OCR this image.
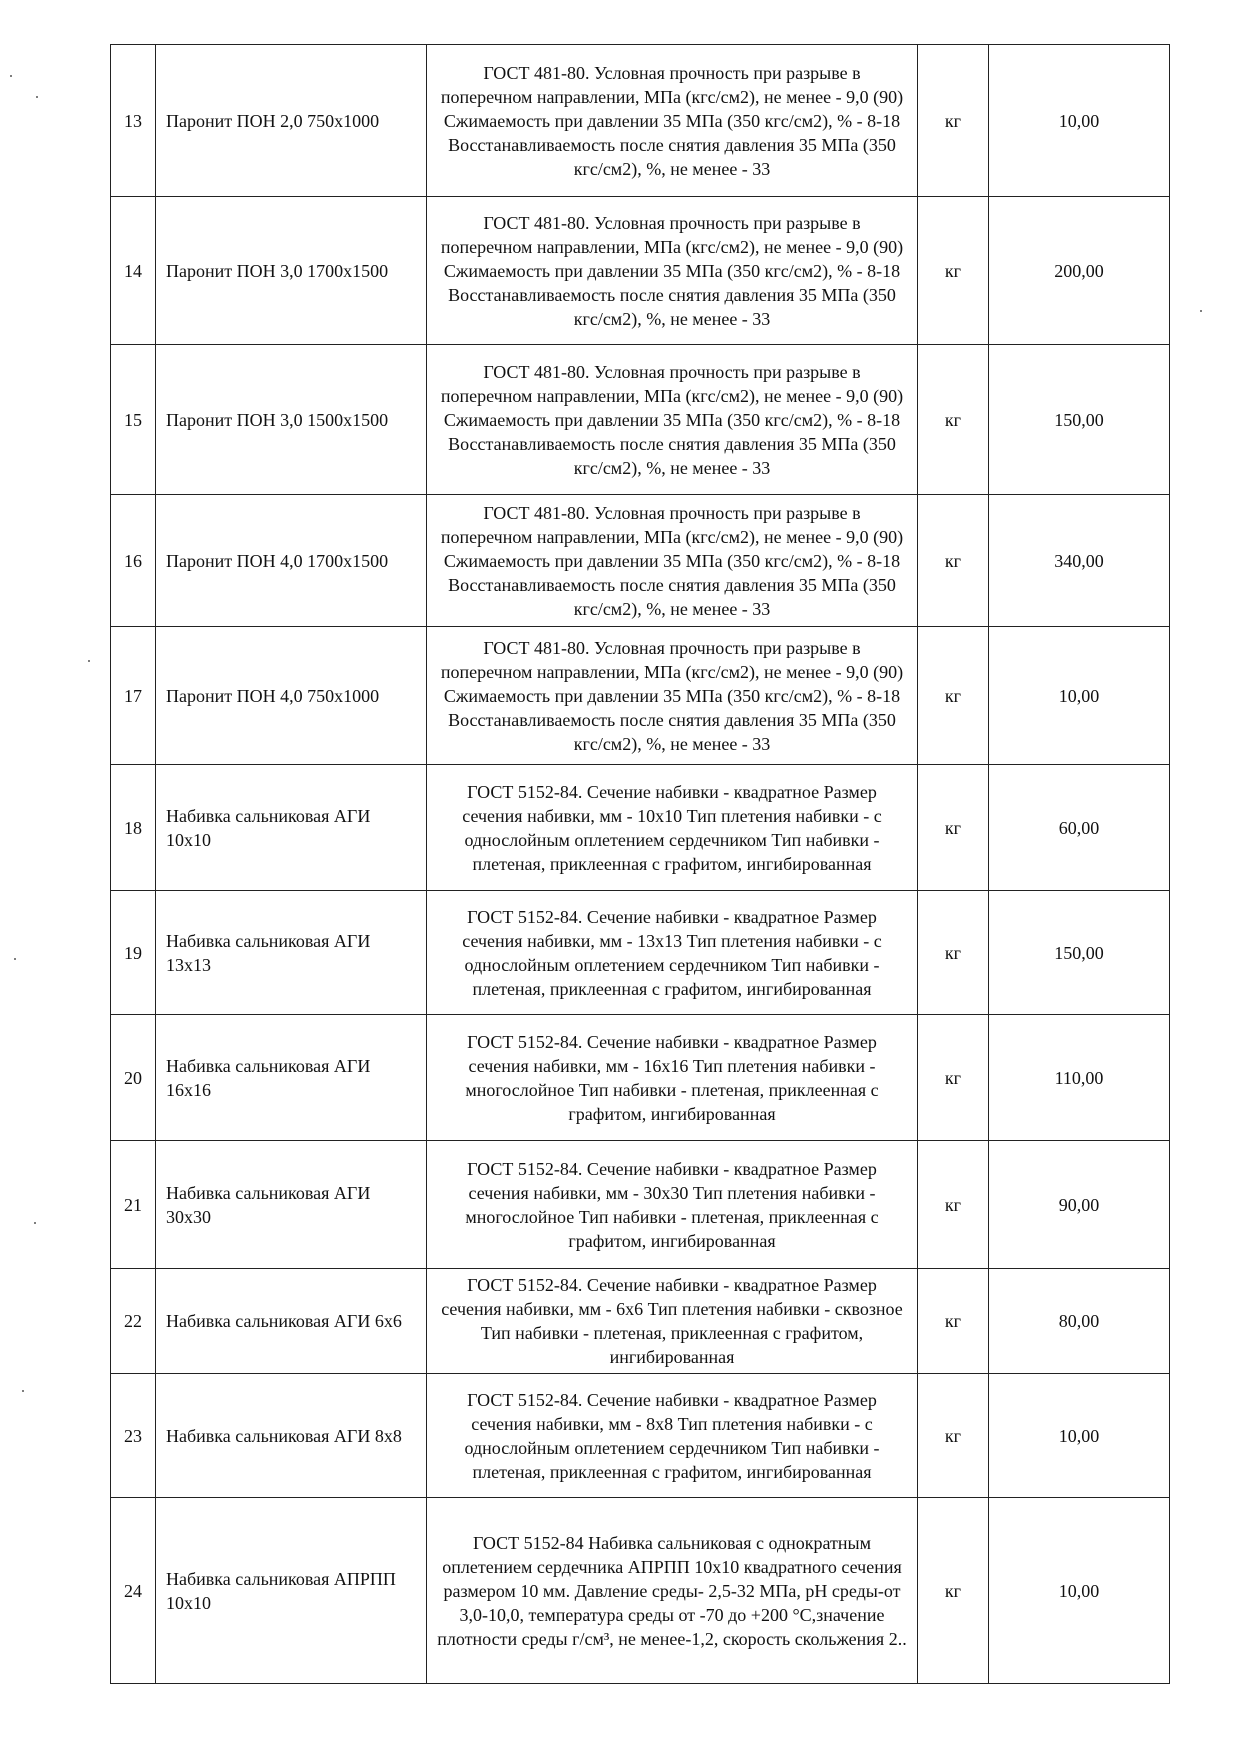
13	Паронит ПОН 2,0 750х1000	ГОСТ 481-80. Условная прочность при разрыве в поперечном направлении, МПа (кгс/см2), не менее - 9,0 (90) Сжимаемость при давлении 35 МПа (350 кгс/см2), % - 8-18 Восстанавливаемость после снятия давления 35 МПа (350 кгс/см2), %, не менее - 33	кг	10,00
14	Паронит ПОН 3,0 1700х1500	ГОСТ 481-80. Условная прочность при разрыве в поперечном направлении, МПа (кгс/см2), не менее - 9,0 (90) Сжимаемость при давлении 35 МПа (350 кгс/см2), % - 8-18 Восстанавливаемость после снятия давления 35 МПа (350 кгс/см2), %, не менее - 33	кг	200,00
15	Паронит ПОН 3,0 1500х1500	ГОСТ 481-80. Условная прочность при разрыве в поперечном направлении, МПа (кгс/см2), не менее - 9,0 (90) Сжимаемость при давлении 35 МПа (350 кгс/см2), % - 8-18 Восстанавливаемость после снятия давления 35 МПа (350 кгс/см2), %, не менее - 33	кг	150,00
16	Паронит ПОН 4,0 1700х1500	ГОСТ 481-80. Условная прочность при разрыве в поперечном направлении, МПа (кгс/см2), не менее - 9,0 (90) Сжимаемость при давлении 35 МПа (350 кгс/см2), % - 8-18 Восстанавливаемость после снятия давления 35 МПа (350 кгс/см2), %, не менее - 33	кг	340,00
17	Паронит ПОН 4,0 750х1000	ГОСТ 481-80. Условная прочность при разрыве в поперечном направлении, МПа (кгс/см2), не менее - 9,0 (90) Сжимаемость при давлении 35 МПа (350 кгс/см2), % - 8-18 Восстанавливаемость после снятия давления 35 МПа (350 кгс/см2), %, не менее - 33	кг	10,00
18	Набивка сальниковая АГИ 10х10	ГОСТ 5152-84. Сечение набивки - квадратное Размер сечения набивки, мм - 10х10 Тип плетения набивки - с однослойным оплетением сердечником Тип набивки - плетеная, приклеенная с графитом, ингибированная	кг	60,00
19	Набивка сальниковая АГИ 13х13	ГОСТ 5152-84. Сечение набивки - квадратное Размер сечения набивки, мм - 13х13 Тип плетения набивки - с однослойным оплетением сердечником Тип набивки - плетеная, приклеенная с графитом, ингибированная	кг	150,00
20	Набивка сальниковая АГИ 16х16	ГОСТ 5152-84. Сечение набивки - квадратное Размер сечения набивки, мм - 16х16 Тип плетения набивки - многослойное Тип набивки - плетеная, приклеенная с графитом, ингибированная	кг	110,00
21	Набивка сальниковая АГИ 30х30	ГОСТ 5152-84. Сечение набивки - квадратное Размер сечения набивки, мм - 30х30 Тип плетения набивки - многослойное Тип набивки - плетеная, приклеенная с графитом, ингибированная	кг	90,00
22	Набивка сальниковая АГИ 6х6	ГОСТ 5152-84. Сечение набивки - квадратное Размер сечения набивки, мм - 6х6 Тип плетения набивки - сквозное Тип набивки - плетеная, приклеенная с графитом, ингибированная	кг	80,00
23	Набивка сальниковая АГИ 8х8	ГОСТ 5152-84. Сечение набивки - квадратное Размер сечения набивки, мм - 8х8 Тип плетения набивки - с однослойным оплетением сердечником Тип набивки - плетеная, приклеенная с графитом, ингибированная	кг	10,00
24	Набивка сальниковая АПРПП 10х10	ГОСТ 5152-84 Набивка сальниковая с однократным оплетением сердечника АПРПП 10х10 квадратного сечения размером 10 мм. Давление среды- 2,5-32 МПа, pH среды-от 3,0-10,0, температура среды от -70 до +200 °С,значение плотности среды г/см³, не менее-1,2, скорость скольжения 2..	кг	10,00
